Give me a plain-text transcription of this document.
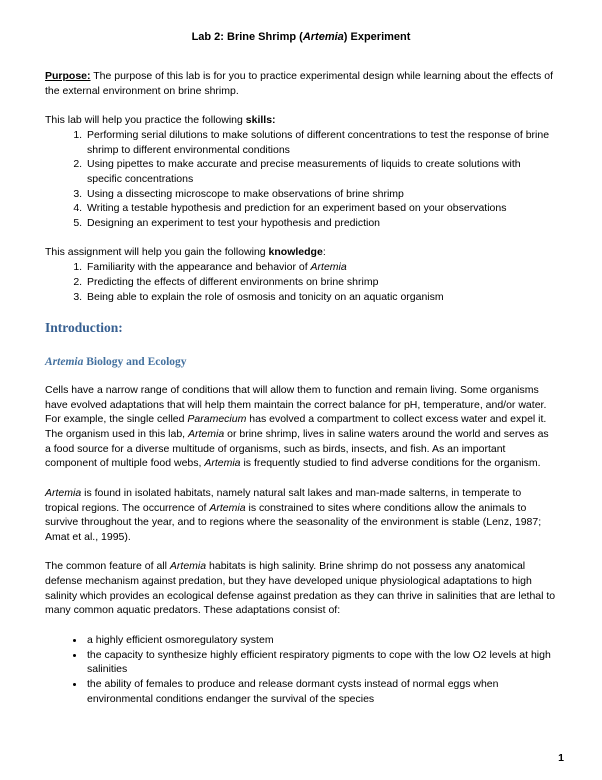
Lab 2: Brine Shrimp (Artemia) Experiment

Purpose: The purpose of this lab is for you to practice experimental design while learning about the effects of the external environment on brine shrimp.

This lab will help you practice the following skills:

1. Performing serial dilutions to make solutions of different concentrations to test the response of brine shrimp to different environmental conditions
2. Using pipettes to make accurate and precise measurements of liquids to create solutions with specific concentrations
3. Using a dissecting microscope to make observations of brine shrimp
4. Writing a testable hypothesis and prediction for an experiment based on your observations
5. Designing an experiment to test your hypothesis and prediction

This assignment will help you gain the following knowledge:

1. Familiarity with the appearance and behavior of Artemia
2. Predicting the effects of different environments on brine shrimp
3. Being able to explain the role of osmosis and tonicity on an aquatic organism
Introduction:
Artemia Biology and Ecology

Cells have a narrow range of conditions that will allow them to function and remain living. Some organisms have evolved adaptations that will help them maintain the correct balance for pH, temperature, and/or water. For example, the single celled Paramecium has evolved a compartment to collect excess water and expel it. The organism used in this lab, Artemia or brine shrimp, lives in saline waters around the world and serves as a food source for a diverse multitude of organisms, such as birds, insects, and fish. As an important component of multiple food webs, Artemia is frequently studied to find adverse conditions for the organism.

Artemia is found in isolated habitats, namely natural salt lakes and man-made salterns, in temperate to tropical regions. The occurrence of Artemia is constrained to sites where conditions allow the animals to survive throughout the year, and to regions where the seasonality of the environment is stable (Lenz, 1987; Amat et al., 1995).

The common feature of all Artemia habitats is high salinity. Brine shrimp do not possess any anatomical defense mechanism against predation, but they have developed unique physiological adaptations to high salinity which provides an ecological defense against predation as they can thrive in salinities that are lethal to many common aquatic predators. These adaptations consist of:

• a highly efficient osmoregulatory system
• the capacity to synthesize highly efficient respiratory pigments to cope with the low O2 levels at high salinities
• the ability of females to produce and release dormant cysts instead of normal eggs when environmental conditions endanger the survival of the species
1
